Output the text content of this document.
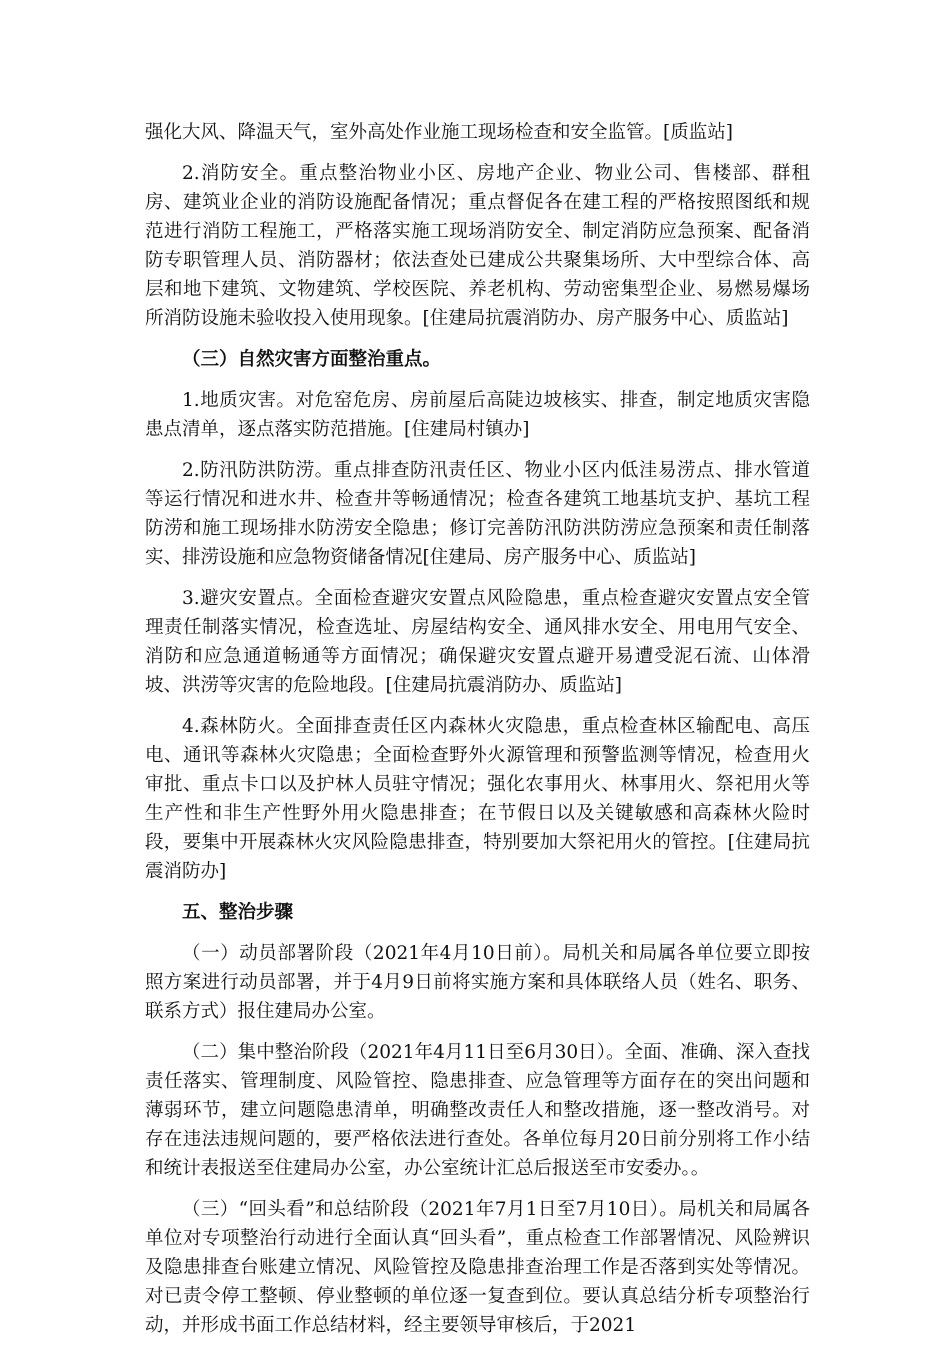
强化大风、降温天气，室外高处作业施工现场检查和安全监管。[质监站]

2.消防安全。重点整治物业小区、房地产企业、物业公司、售楼部、群租房、建筑业企业的消防设施配备情况；重点督促各在建工程的严格按照图纸和规范进行消防工程施工，严格落实施工现场消防安全、制定消防应急预案、配备消防专职管理人员、消防器材；依法查处已建成公共聚集场所、大中型综合体、高层和地下建筑、文物建筑、学校医院、养老机构、劳动密集型企业、易燃易爆场所消防设施未验收投入使用现象。[住建局抗震消防办、房产服务中心、质监站]

（三）自然灾害方面整治重点。

1.地质灾害。对危窑危房、房前屋后高陡边坡核实、排查，制定地质灾害隐患点清单，逐点落实防范措施。[住建局村镇办]

2.防汛防洪防涝。重点排查防汛责任区、物业小区内低洼易涝点、排水管道等运行情况和进水井、检查井等畅通情况；检查各建筑工地基坑支护、基坑工程防涝和施工现场排水防涝安全隐患；修订完善防汛防洪防涝应急预案和责任制落实、排涝设施和应急物资储备情况[住建局、房产服务中心、质监站]

3.避灾安置点。全面检查避灾安置点风险隐患，重点检查避灾安置点安全管理责任制落实情况，检查选址、房屋结构安全、通风排水安全、用电用气安全、消防和应急通道畅通等方面情况；确保避灾安置点避开易遭受泥石流、山体滑坡、洪涝等灾害的危险地段。[住建局抗震消防办、质监站]

4.森林防火。全面排查责任区内森林火灾隐患，重点检查林区输配电、高压电、通讯等森林火灾隐患；全面检查野外火源管理和预警监测等情况，检查用火审批、重点卡口以及护林人员驻守情况；强化农事用火、林事用火、祭祀用火等生产性和非生产性野外用火隐患排查；在节假日以及关键敏感和高森林火险时段，要集中开展森林火灾风险隐患排查，特别要加大祭祀用火的管控。[住建局抗震消防办]

五、整治步骤

（一）动员部署阶段（2021年4月10日前）。局机关和局属各单位要立即按照方案进行动员部署，并于4月9日前将实施方案和具体联络人员（姓名、职务、联系方式）报住建局办公室。

（二）集中整治阶段（2021年4月11日至6月30日）。全面、准确、深入查找责任落实、管理制度、风险管控、隐患排查、应急管理等方面存在的突出问题和薄弱环节，建立问题隐患清单，明确整改责任人和整改措施，逐一整改消号。对存在违法违规问题的，要严格依法进行查处。各单位每月20日前分别将工作小结和统计表报送至住建局办公室，办公室统计汇总后报送至市安委办。。

（三）“回头看”和总结阶段（2021年7月1日至7月10日）。局机关和局属各单位对专项整治行动进行全面认真“回头看”，重点检查工作部署情况、风险辨识及隐患排查台账建立情况、风险管控及隐患排查治理工作是否落到实处等情况。对已责令停工整顿、停业整顿的单位逐一复查到位。要认真总结分析专项整治行动，并形成书面工作总结材料，经主要领导审核后，于2021
